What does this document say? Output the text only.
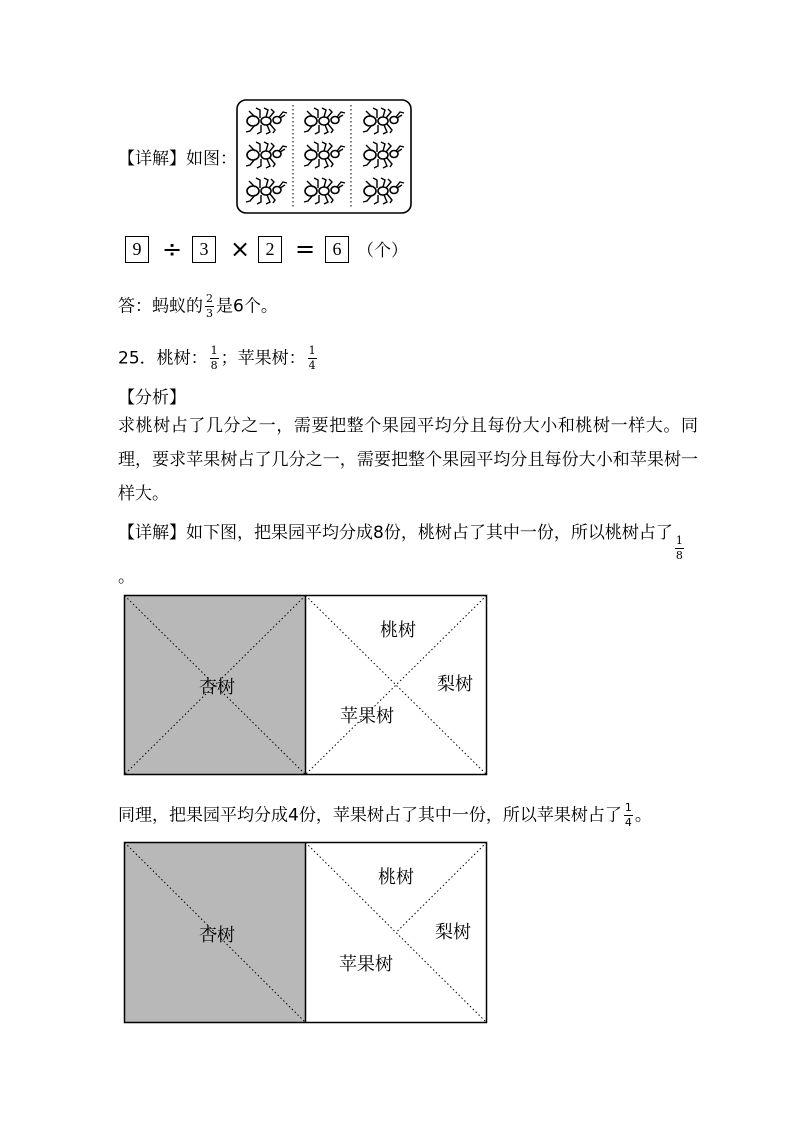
【详解】如图：
9 ÷ 3 × 2 = 6 （个）
答：蚂蚁的 $\frac{2}{3}$ 是6个。
25．桃树： $\frac{1}{8}$ ；苹果树： $\frac{1}{4}$
【分析】
求桃树占了几分之一，需要把整个果园平均分且每份大小和桃树一样大。同理，要求苹果树占了几分之一，需要把整个果园平均分且每份大小和苹果树一样大。
【详解】如下图，把果园平均分成8份，桃树占了其中一份，所以桃树占了
$\frac{1}{8}$
。
杏树
桃树
梨树
苹果树
同理，把果园平均分成4份，苹果树占了其中一份，所以苹果树占了 $\frac{1}{4}$ 。
杏树
桃树
梨树
苹果树
